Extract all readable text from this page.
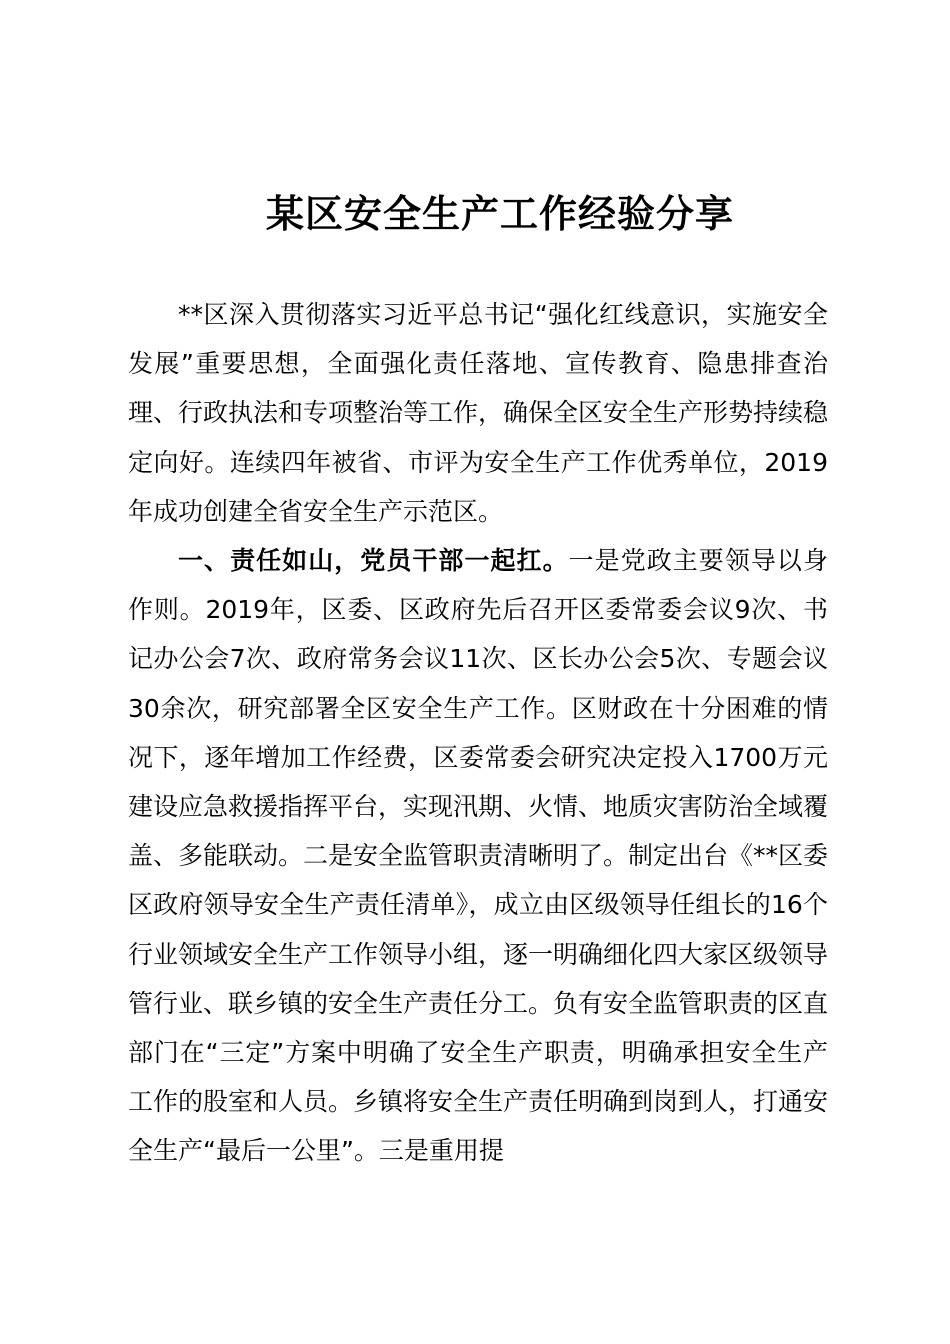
某区安全生产工作经验分享

**区深入贯彻落实习近平总书记“强化红线意识，实施安全发展”重要思想，全面强化责任落地、宣传教育、隐患排查治理、行政执法和专项整治等工作，确保全区安全生产形势持续稳定向好。连续四年被省、市评为安全生产工作优秀单位，2019年成功创建全省安全生产示范区。

一、责任如山，党员干部一起扛。一是党政主要领导以身作则。2019年，区委、区政府先后召开区委常委会议9次、书记办公会7次、政府常务会议11次、区长办公会5次、专题会议30余次，研究部署全区安全生产工作。区财政在十分困难的情况下，逐年增加工作经费，区委常委会研究决定投入1700万元建设应急救援指挥平台，实现汛期、火情、地质灾害防治全域覆盖、多能联动。二是安全监管职责清晰明了。制定出台《**区委区政府领导安全生产责任清单》，成立由区级领导任组长的16个行业领域安全生产工作领导小组，逐一明确细化四大家区级领导管行业、联乡镇的安全生产责任分工。负有安全监管职责的区直部门在“三定”方案中明确了安全生产职责，明确承担安全生产工作的股室和人员。乡镇将安全生产责任明确到岗到人，打通安全生产“最后一公里”。三是重用提
